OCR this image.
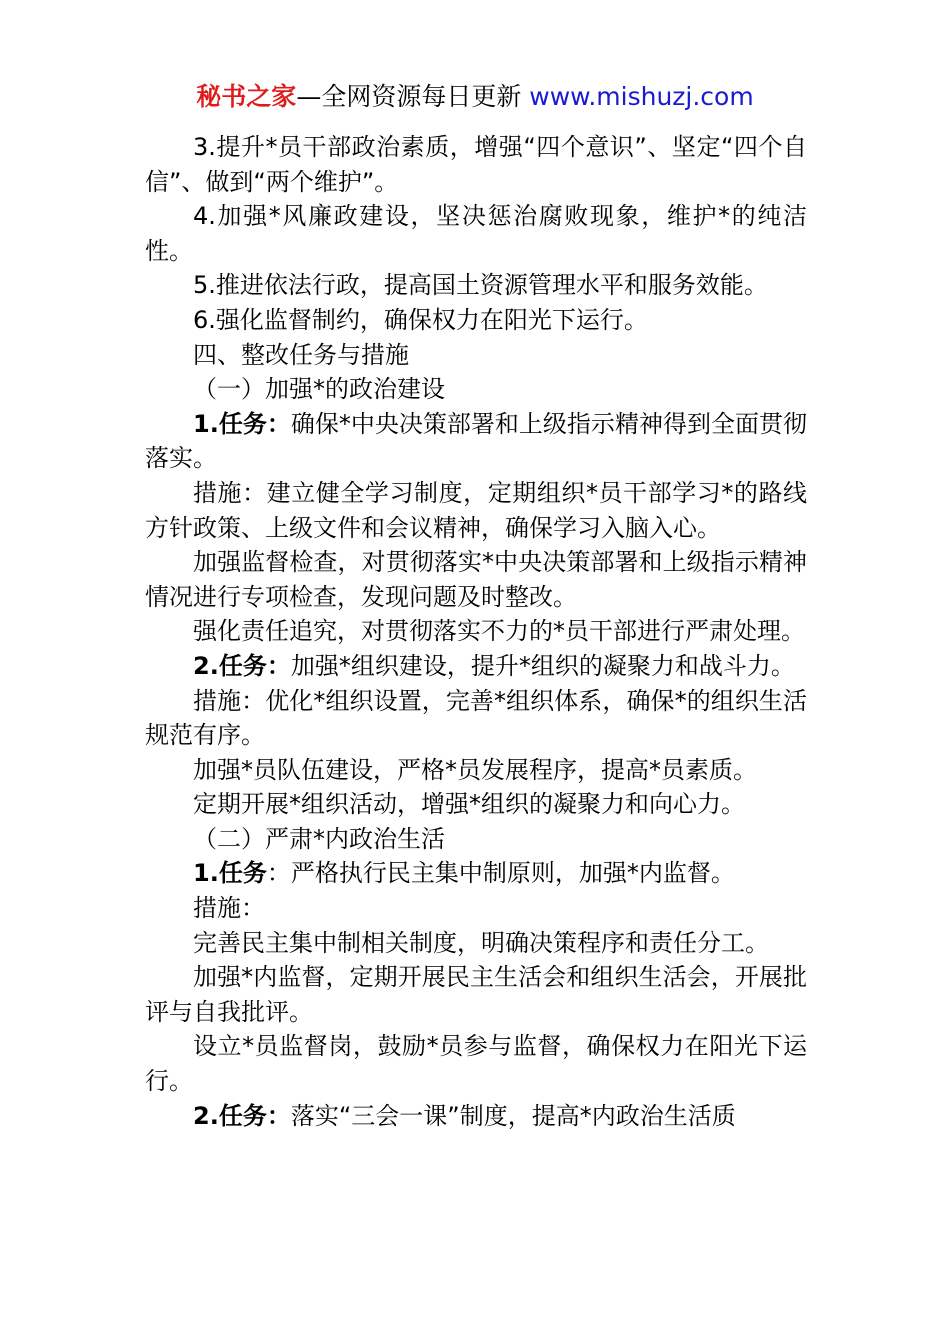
秘书之家—全网资源每日更新 www.mishuzj.com

3.提升*员干部政治素质，增强“四个意识”、坚定“四个自信”、做到“两个维护”。

4.加强*风廉政建设，坚决惩治腐败现象，维护*的纯洁性。

5.推进依法行政，提高国土资源管理水平和服务效能。

6.强化监督制约，确保权力在阳光下运行。

四、整改任务与措施

（一）加强*的政治建设

1.任务：确保*中央决策部署和上级指示精神得到全面贯彻落实。

措施：建立健全学习制度，定期组织*员干部学习*的路线方针政策、上级文件和会议精神，确保学习入脑入心。

加强监督检查，对贯彻落实*中央决策部署和上级指示精神情况进行专项检查，发现问题及时整改。

强化责任追究，对贯彻落实不力的*员干部进行严肃处理。

2.任务：加强*组织建设，提升*组织的凝聚力和战斗力。

措施：优化*组织设置，完善*组织体系，确保*的组织生活规范有序。

加强*员队伍建设，严格*员发展程序，提高*员素质。

定期开展*组织活动，增强*组织的凝聚力和向心力。

（二）严肃*内政治生活

1.任务：严格执行民主集中制原则，加强*内监督。

措施：

完善民主集中制相关制度，明确决策程序和责任分工。

加强*内监督，定期开展民主生活会和组织生活会，开展批评与自我批评。

设立*员监督岗，鼓励*员参与监督，确保权力在阳光下运行。

2.任务：落实“三会一课”制度，提高*内政治生活质
